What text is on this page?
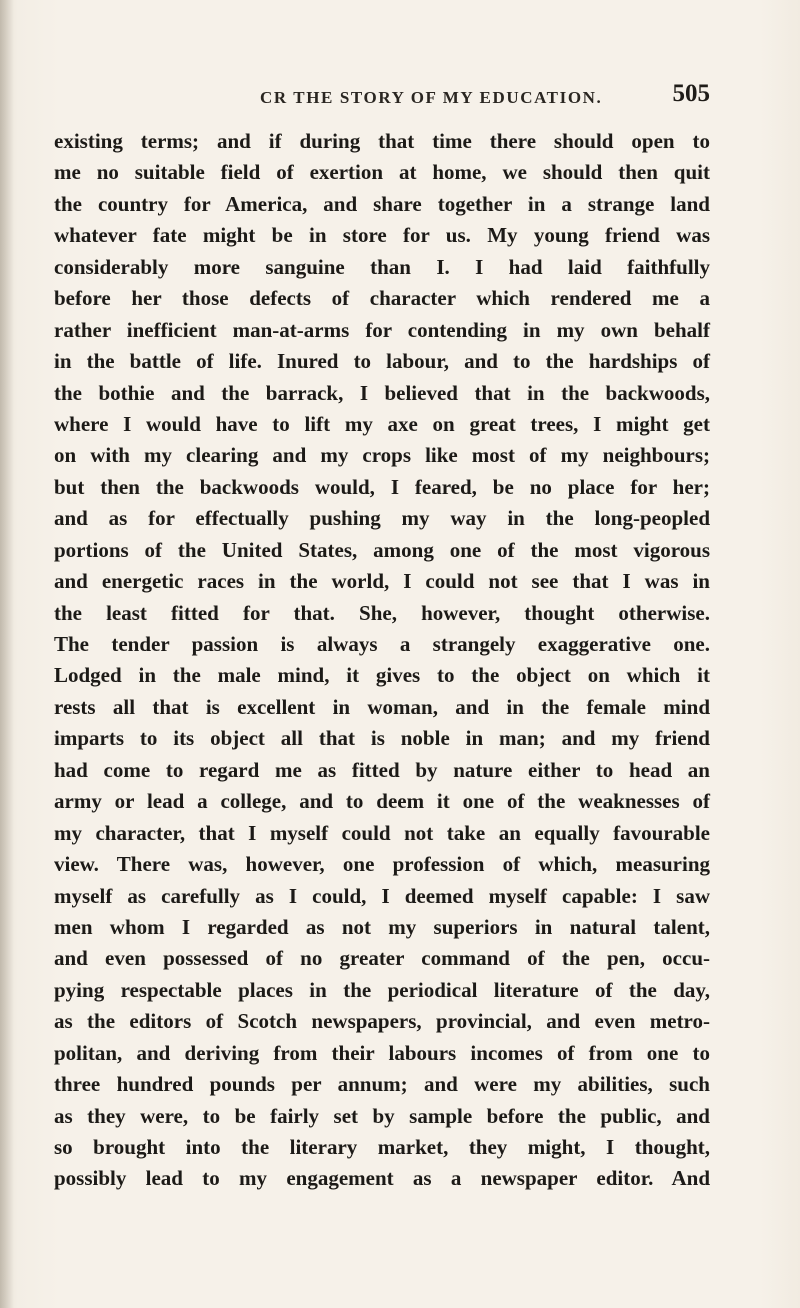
CR THE STORY OF MY EDUCATION.	505
existing terms; and if during that time there should open to
me no suitable field of exertion at home, we should then quit
the country for America, and share together in a strange land
whatever fate might be in store for us. My young friend was
considerably more sanguine than I. I had laid faithfully
before her those defects of character which rendered me a
rather inefficient man-at-arms for contending in my own behalf
in the battle of life. Inured to labour, and to the hardships of
the bothie and the barrack, I believed that in the backwoods,
where I would have to lift my axe on great trees, I might get
on with my clearing and my crops like most of my neighbours;
but then the backwoods would, I feared, be no place for her;
and as for effectually pushing my way in the long-peopled
portions of the United States, among one of the most vigorous
and energetic races in the world, I could not see that I was in
the least fitted for that. She, however, thought otherwise.
The tender passion is always a strangely exaggerative one.
Lodged in the male mind, it gives to the object on which it
rests all that is excellent in woman, and in the female mind
imparts to its object all that is noble in man; and my friend
had come to regard me as fitted by nature either to head an
army or lead a college, and to deem it one of the weaknesses of
my character, that I myself could not take an equally favourable
view. There was, however, one profession of which, measuring
myself as carefully as I could, I deemed myself capable: I saw
men whom I regarded as not my superiors in natural talent,
and even possessed of no greater command of the pen, occu-
pying respectable places in the periodical literature of the day,
as the editors of Scotch newspapers, provincial, and even metro-
politan, and deriving from their labours incomes of from one to
three hundred pounds per annum; and were my abilities, such
as they were, to be fairly set by sample before the public, and
so brought into the literary market, they might, I thought,
possibly lead to my engagement as a newspaper editor. And
